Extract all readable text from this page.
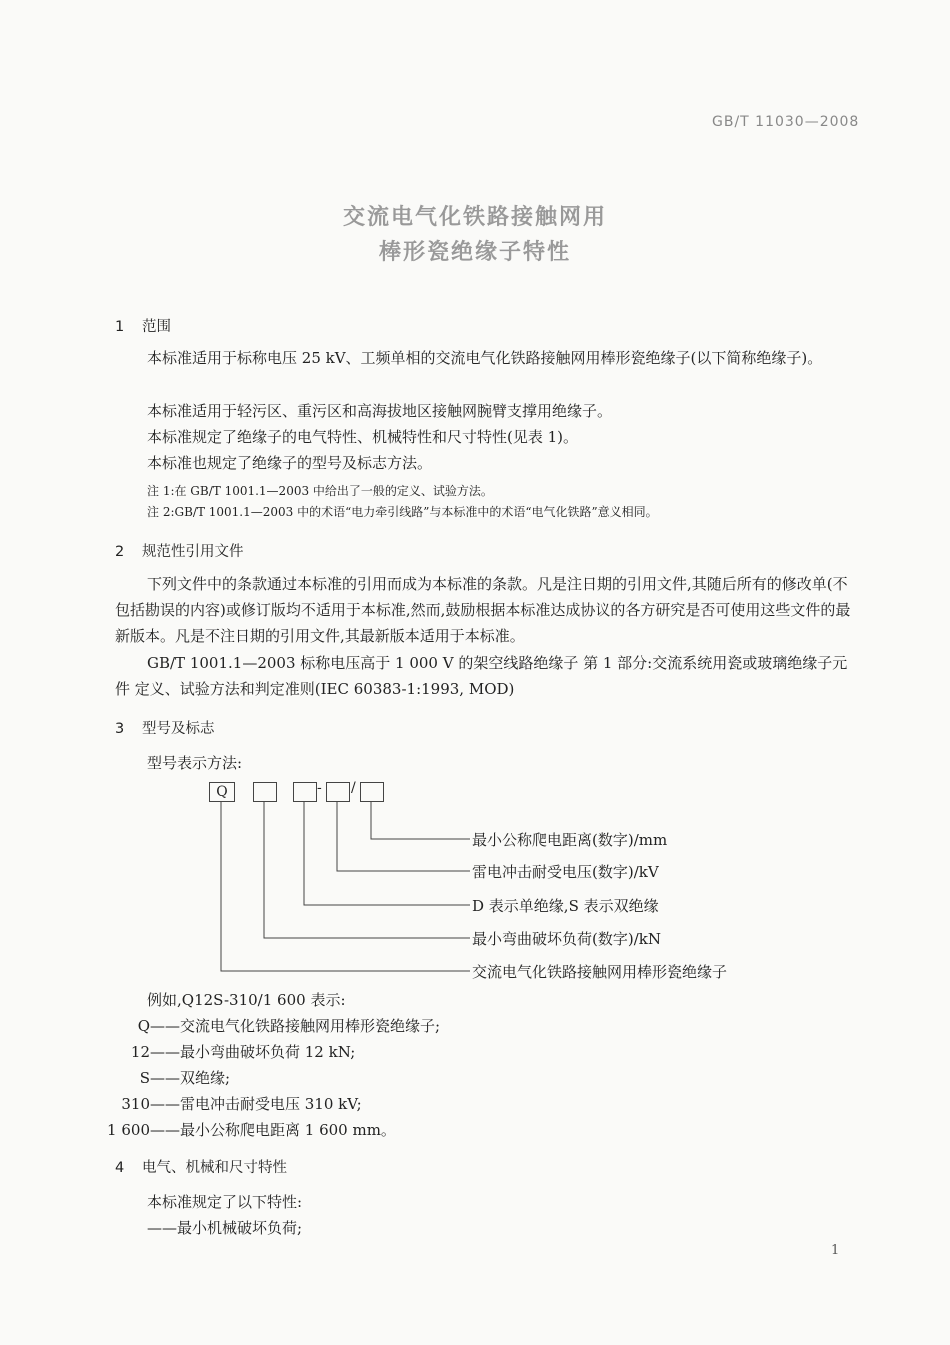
GB/T 11030—2008
交流电气化铁路接触网用
棒形瓷绝缘子特性
1 范围
本标准适用于标称电压 25 kV、工频单相的交流电气化铁路接触网用棒形瓷绝缘子(以下简称绝缘子)。
本标准适用于轻污区、重污区和高海拔地区接触网腕臂支撑用绝缘子。
本标准规定了绝缘子的电气特性、机械特性和尺寸特性(见表 1)。
本标准也规定了绝缘子的型号及标志方法。
注 1:在 GB/T 1001.1—2003 中给出了一般的定义、试验方法。
注 2:GB/T 1001.1—2003 中的术语“电力牵引线路”与本标准中的术语“电气化铁路”意义相同。
2 规范性引用文件
下列文件中的条款通过本标准的引用而成为本标准的条款。凡是注日期的引用文件,其随后所有的修改单(不包括勘误的内容)或修订版均不适用于本标准,然而,鼓励根据本标准达成协议的各方研究是否可使用这些文件的最新版本。凡是不注日期的引用文件,其最新版本适用于本标准。
GB/T 1001.1—2003 标称电压高于 1 000 V 的架空线路绝缘子 第 1 部分:交流系统用瓷或玻璃绝缘子元件 定义、试验方法和判定准则(IEC 60383-1:1993, MOD)
3 型号及标志
型号表示方法:
Q	- /
最小公称爬电距离(数字)/mm
雷电冲击耐受电压(数字)/kV
D 表示单绝缘,S 表示双绝缘
最小弯曲破坏负荷(数字)/kN
交流电气化铁路接触网用棒形瓷绝缘子
例如,Q12S-310/1 600 表示:
Q ——交流电气化铁路接触网用棒形瓷绝缘子;
12 ——最小弯曲破坏负荷 12 kN;
S ——双绝缘;
310 ——雷电冲击耐受电压 310 kV;
1 600 ——最小公称爬电距离 1 600 mm。
4 电气、机械和尺寸特性
本标准规定了以下特性:
——最小机械破坏负荷;
1
